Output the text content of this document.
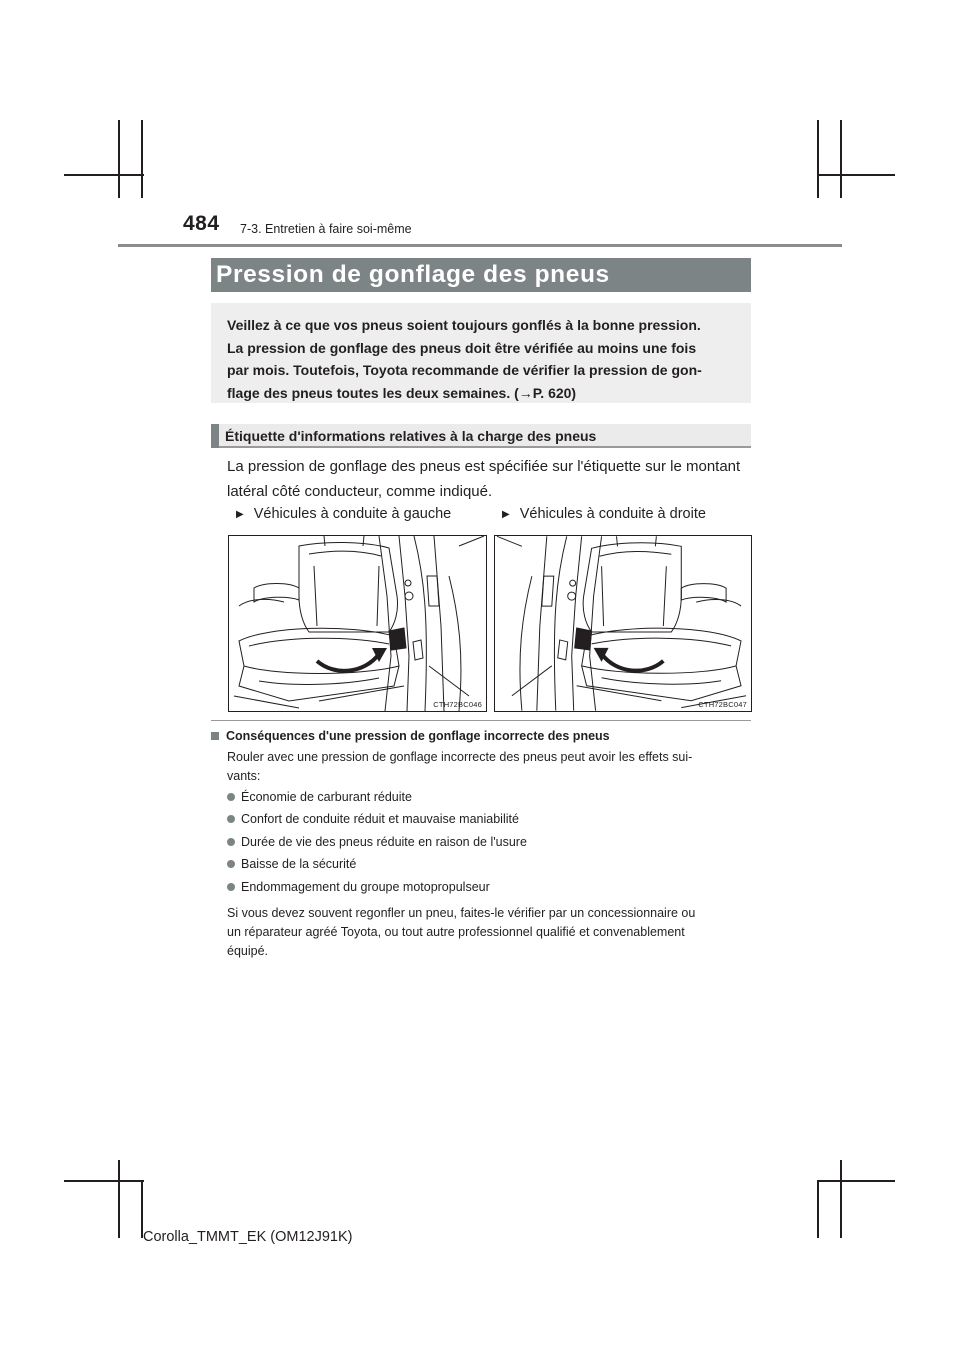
484 7-3. Entretien à faire soi-même
Pression de gonflage des pneus
Veillez à ce que vos pneus soient toujours gonflés à la bonne pression.
La pression de gonflage des pneus doit être vérifiée au moins une fois
par mois. Toutefois, Toyota recommande de vérifier la pression de gon-
flage des pneus toutes les deux semaines. (→P. 620)
Étiquette d'informations relatives à la charge des pneus
La pression de gonflage des pneus est spécifiée sur l'étiquette sur le montant
latéral côté conducteur, comme indiqué.
▶ Véhicules à conduite à gauche	▶ Véhicules à conduite à droite
CTH72BC046	CTH72BC047
Conséquences d'une pression de gonflage incorrecte des pneus
Rouler avec une pression de gonflage incorrecte des pneus peut avoir les effets sui-
vants:
Économie de carburant réduite
Confort de conduite réduit et mauvaise maniabilité
Durée de vie des pneus réduite en raison de l'usure
Baisse de la sécurité
Endommagement du groupe motopropulseur
Si vous devez souvent regonfler un pneu, faites-le vérifier par un concessionnaire ou
un réparateur agréé Toyota, ou tout autre professionnel qualifié et convenablement
équipé.
Corolla_TMMT_EK (OM12J91K)
